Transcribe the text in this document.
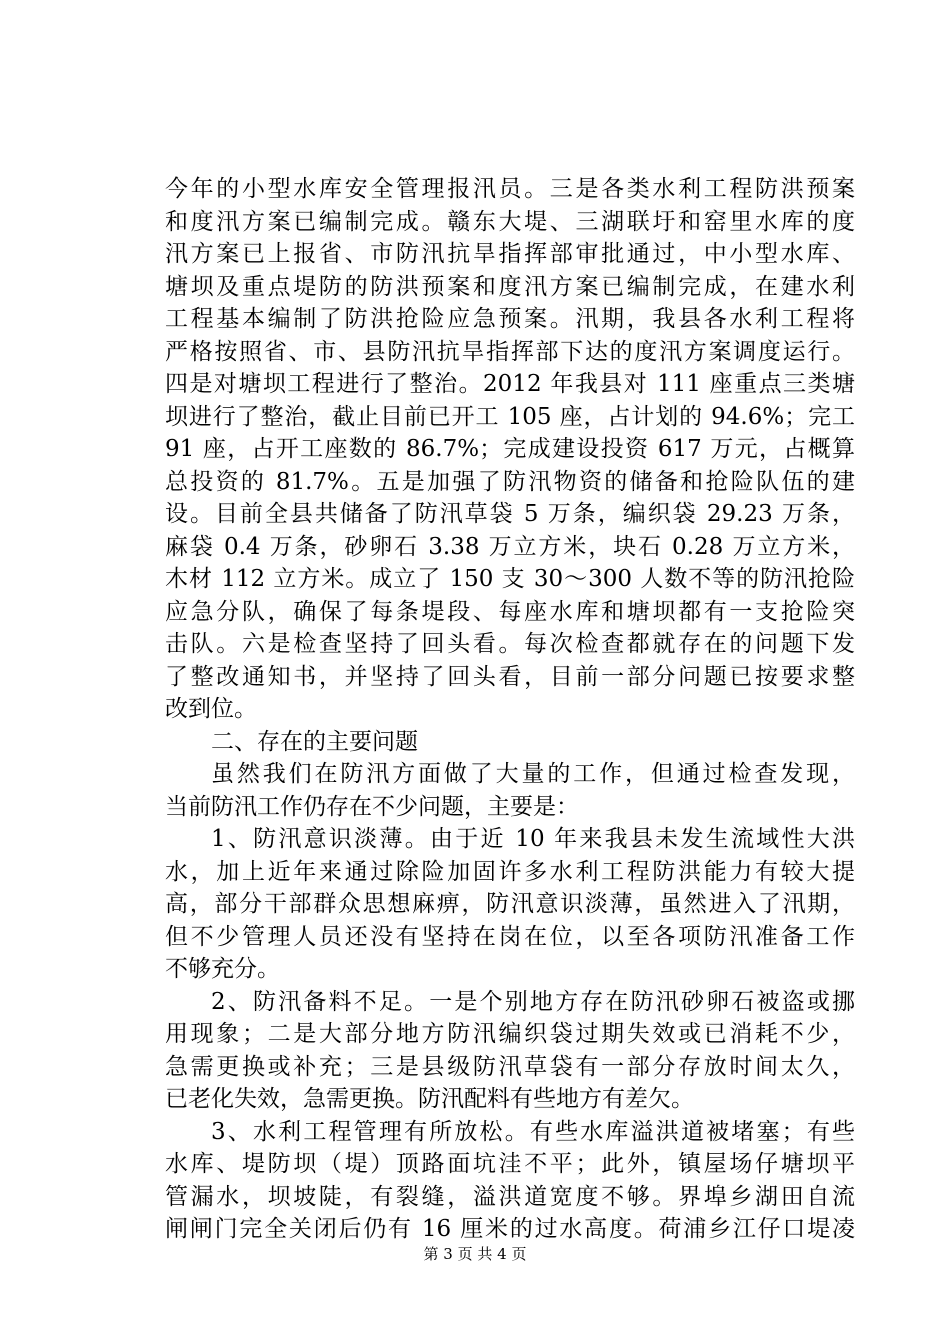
今年的小型水库安全管理报汛员。三是各类水利工程防洪预案
和度汛方案已编制完成。赣东大堤、三湖联圩和窑里水库的度
汛方案已上报省、市防汛抗旱指挥部审批通过，中小型水库、
塘坝及重点堤防的防洪预案和度汛方案已编制完成，在建水利
工程基本编制了防洪抢险应急预案。汛期，我县各水利工程将
严格按照省、市、县防汛抗旱指挥部下达的度汛方案调度运行。
四是对塘坝工程进行了整治。2012 年我县对 111 座重点三类塘
坝进行了整治，截止目前已开工 105 座，占计划的 94.6%；完工
91 座，占开工座数的 86.7%；完成建设投资 617 万元，占概算
总投资的 81.7%。五是加强了防汛物资的储备和抢险队伍的建
设。目前全县共储备了防汛草袋 5 万条，编织袋 29.23 万条，
麻袋 0.4 万条，砂卵石 3.38 万立方米，块石 0.28 万立方米，
木材 112 立方米。成立了 150 支 30～300 人数不等的防汛抢险
应急分队，确保了每条堤段、每座水库和塘坝都有一支抢险突
击队。六是检查坚持了回头看。每次检查都就存在的问题下发
了整改通知书，并坚持了回头看，目前一部分问题已按要求整
改到位。
二、存在的主要问题
虽然我们在防汛方面做了大量的工作，但通过检查发现，
当前防汛工作仍存在不少问题，主要是：
1、防汛意识淡薄。由于近 10 年来我县未发生流域性大洪
水，加上近年来通过除险加固许多水利工程防洪能力有较大提
高，部分干部群众思想麻痹，防汛意识淡薄，虽然进入了汛期，
但不少管理人员还没有坚持在岗在位，以至各项防汛准备工作
不够充分。
2、防汛备料不足。一是个别地方存在防汛砂卵石被盗或挪
用现象；二是大部分地方防汛编织袋过期失效或已消耗不少，
急需更换或补充；三是县级防汛草袋有一部分存放时间太久，
已老化失效，急需更换。防汛配料有些地方有差欠。
3、水利工程管理有所放松。有些水库溢洪道被堵塞；有些
水库、堤防坝（堤）顶路面坑洼不平；此外，镇屋场仔塘坝平
管漏水，坝坡陡，有裂缝，溢洪道宽度不够。界埠乡湖田自流
闸闸门完全关闭后仍有 16 厘米的过水高度。荷浦乡江仔口堤凌
第 3 页 共 4 页
